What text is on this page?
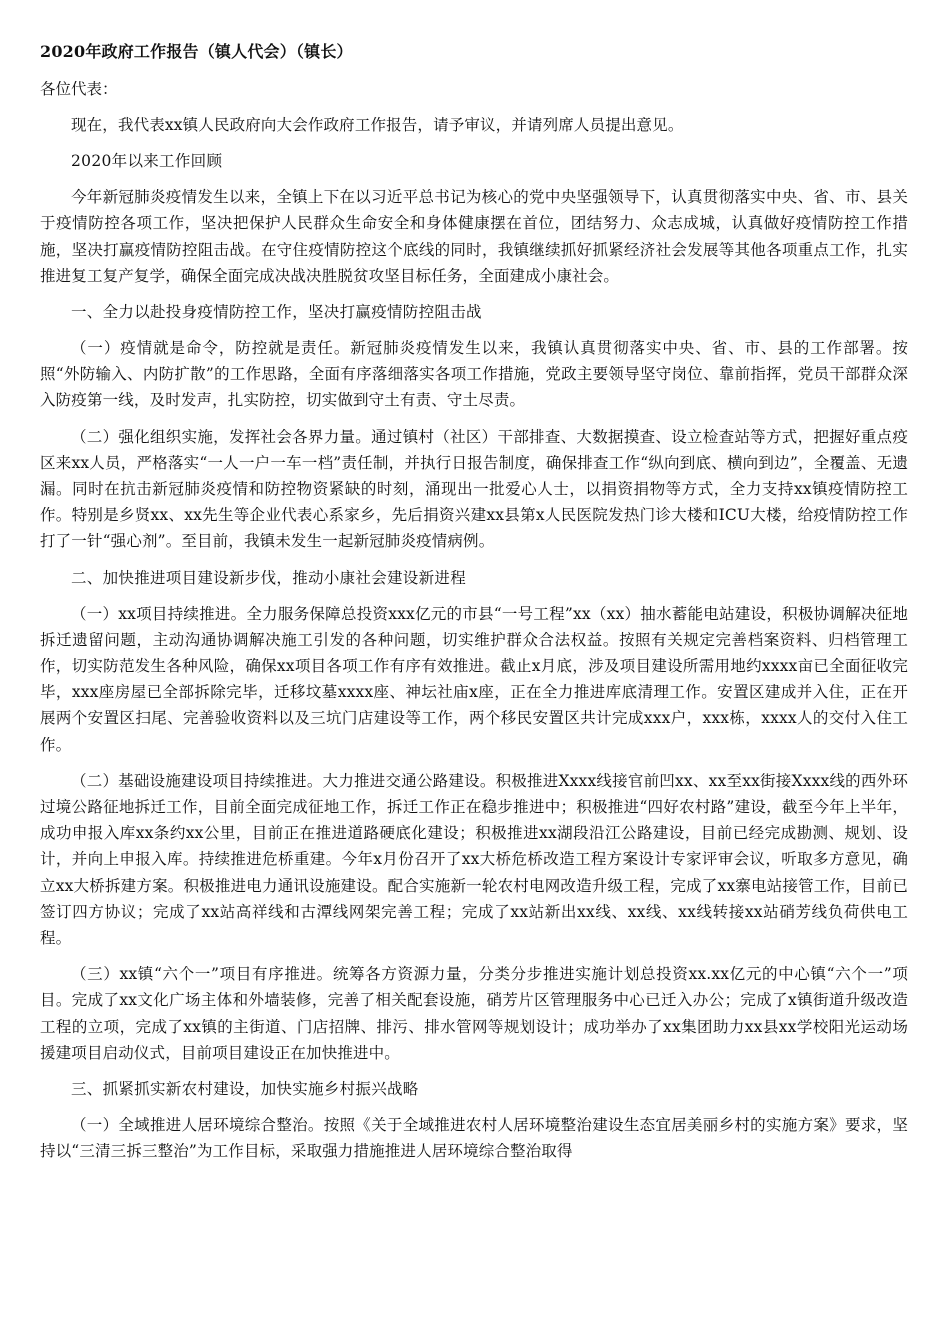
2020年政府工作报告（镇人代会）（镇长）
各位代表：

现在，我代表xx镇人民政府向大会作政府工作报告，请予审议，并请列席人员提出意见。

2020年以来工作回顾

今年新冠肺炎疫情发生以来，全镇上下在以习近平总书记为核心的党中央坚强领导下，认真贯彻落实中央、省、市、县关于疫情防控各项工作，坚决把保护人民群众生命安全和身体健康摆在首位，团结努力、众志成城，认真做好疫情防控工作措施，坚决打赢疫情防控阻击战。在守住疫情防控这个底线的同时，我镇继续抓好抓紧经济社会发展等其他各项重点工作，扎实推进复工复产复学，确保全面完成决战决胜脱贫攻坚目标任务，全面建成小康社会。

一、全力以赴投身疫情防控工作，坚决打赢疫情防控阻击战

（一）疫情就是命令，防控就是责任。新冠肺炎疫情发生以来，我镇认真贯彻落实中央、省、市、县的工作部署。按照“外防输入、内防扩散”的工作思路，全面有序落细落实各项工作措施，党政主要领导坚守岗位、靠前指挥，党员干部群众深入防疫第一线，及时发声，扎实防控，切实做到守土有责、守土尽责。

（二）强化组织实施，发挥社会各界力量。通过镇村（社区）干部排查、大数据摸查、设立检查站等方式，把握好重点疫区来xx人员，严格落实“一人一户一车一档”责任制，并执行日报告制度，确保排查工作“纵向到底、横向到边”，全覆盖、无遗漏。同时在抗击新冠肺炎疫情和防控物资紧缺的时刻，涌现出一批爱心人士，以捐资捐物等方式，全力支持xx镇疫情防控工作。特别是乡贤xx、xx先生等企业代表心系家乡，先后捐资兴建xx县第x人民医院发热门诊大楼和ICU大楼，给疫情防控工作打了一针“强心剂”。至目前，我镇未发生一起新冠肺炎疫情病例。

二、加快推进项目建设新步伐，推动小康社会建设新进程

（一）xx项目持续推进。全力服务保障总投资xxx亿元的市县“一号工程”xx（xx）抽水蓄能电站建设，积极协调解决征地拆迁遗留问题，主动沟通协调解决施工引发的各种问题，切实维护群众合法权益。按照有关规定完善档案资料、归档管理工作，切实防范发生各种风险，确保xx项目各项工作有序有效推进。截止x月底，涉及项目建设所需用地约xxxx亩已全面征收完毕，xxx座房屋已全部拆除完毕，迁移坟墓xxxx座、神坛社庙x座，正在全力推进库底清理工作。安置区建成并入住，正在开展两个安置区扫尾、完善验收资料以及三坑门店建设等工作，两个移民安置区共计完成xxx户，xxx栋，xxxx人的交付入住工作。

（二）基础设施建设项目持续推进。大力推进交通公路建设。积极推进Xxxx线接官前凹xx、xx至xx街接Xxxx线的西外环过境公路征地拆迁工作，目前全面完成征地工作，拆迁工作正在稳步推进中；积极推进“四好农村路”建设，截至今年上半年，成功申报入库xx条约xx公里，目前正在推进道路硬底化建设；积极推进xx湖段沿江公路建设，目前已经完成勘测、规划、设计，并向上申报入库。持续推进危桥重建。今年x月份召开了xx大桥危桥改造工程方案设计专家评审会议，听取多方意见，确立xx大桥拆建方案。积极推进电力通讯设施建设。配合实施新一轮农村电网改造升级工程，完成了xx寨电站接管工作，目前已签订四方协议；完成了xx站高祥线和古潭线网架完善工程；完成了xx站新出xx线、xx线、xx线转接xx站硝芳线负荷供电工程。

（三）xx镇“六个一”项目有序推进。统筹各方资源力量，分类分步推进实施计划总投资xx.xx亿元的中心镇“六个一”项目。完成了xx文化广场主体和外墙装修，完善了相关配套设施，硝芳片区管理服务中心已迁入办公；完成了x镇街道升级改造工程的立项，完成了xx镇的主街道、门店招牌、排污、排水管网等规划设计；成功举办了xx集团助力xx县xx学校阳光运动场援建项目启动仪式，目前项目建设正在加快推进中。

三、抓紧抓实新农村建设，加快实施乡村振兴战略

（一）全域推进人居环境综合整治。按照《关于全域推进农村人居环境整治建设生态宜居美丽乡村的实施方案》要求，坚持以“三清三拆三整治”为工作目标，采取强力措施推进人居环境综合整治取得
